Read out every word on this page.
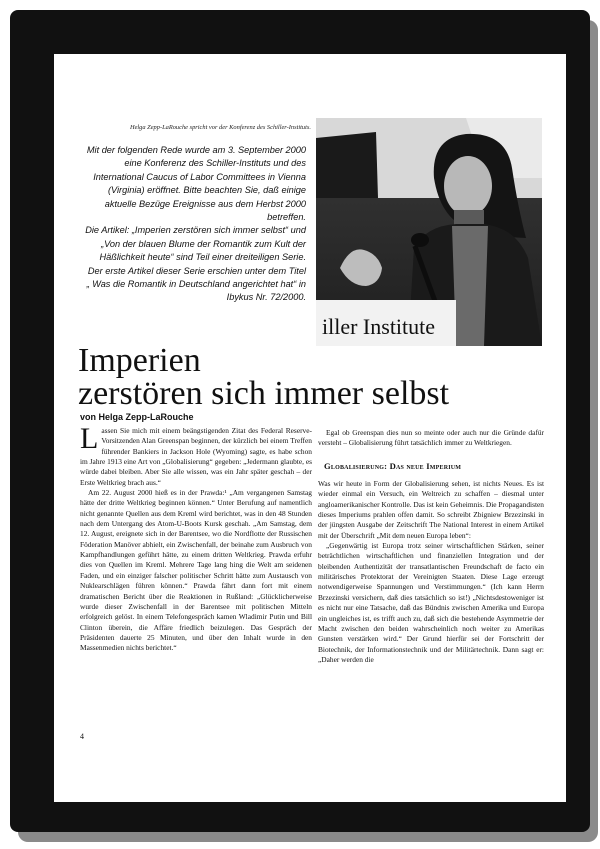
Helga Zepp-LaRouche spricht vor der Konferenz des Schiller-Instituts.

Mit der folgenden Rede wurde am 3. September 2000 eine Konferenz des Schiller-Instituts und des International Caucus of Labor Committees in Vienna (Virginia) eröffnet. Bitte beachten Sie, daß einige aktuelle Bezüge Ereignisse aus dem Herbst 2000 betreffen.

Die Artikel: „Imperien zerstören sich immer selbst“ und „Von der blauen Blume der Romantik zum Kult der Häßlichkeit heute“ sind Teil einer dreiteiligen Serie. Der erste Artikel dieser Serie erschien unter dem Titel „ Was die Romantik in Deutschland angerichtet hat“ in Ibykus Nr. 72/2000.

iller Institute
Imperien
zerstören sich immer selbst
von Helga Zepp-LaRouche

Lassen Sie mich mit einem beängstigenden Zitat des Federal Reserve-Vorsitzenden Alan Greenspan beginnen, der kürzlich bei einem Treffen führender Bankiers in Jackson Hole (Wyoming) sagte, es habe schon im Jahre 1913 eine Art von „Globalisierung“ gegeben: „Jedermann glaubte, es würde dabei bleiben. Aber Sie alle wissen, was ein Jahr später geschah – der Erste Weltkrieg brach aus.“

Am 22. August 2000 hieß es in der Prawda:¹ „Am vergangenen Samstag hätte der dritte Weltkrieg beginnen können.“ Unter Berufung auf namentlich nicht genannte Quellen aus dem Kreml wird berichtet, was in den 48 Stunden nach dem Untergang des Atom-U-Boots Kursk geschah. „Am Samstag, dem 12. August, ereignete sich in der Barentsee, wo die Nordflotte der Russischen Föderation Manöver abhielt, ein Zwischenfall, der beinahe zum Ausbruch von Kampfhandlungen geführt hätte, zu einem dritten Weltkrieg. Prawda erfuhr dies von Quellen im Kreml. Mehrere Tage lang hing die Welt am seidenen Faden, und ein einziger falscher politischer Schritt hätte zum Austausch von Nuklearschlägen führen können.“ Prawda fährt dann fort mit einem dramatischen Bericht über die Reaktionen in Rußland: „Glücklicherweise wurde dieser Zwischenfall in der Barentsee mit politischen Mitteln erfolgreich gelöst. In einem Telefongespräch kamen Wladimir Putin und Bill Clinton überein, die Affäre friedlich beizulegen. Das Gespräch der Präsidenten dauerte 25 Minuten, und über den Inhalt wurde in den Massenmedien nichts berichtet.“

Egal ob Greenspan dies nun so meinte oder auch nur die Gründe dafür versteht – Globalisierung führt tatsächlich immer zu Weltkriegen.

Globalisierung: Das neue Imperium

Was wir heute in Form der Globalisierung sehen, ist nichts Neues. Es ist wieder einmal ein Versuch, ein Weltreich zu schaffen – diesmal unter angloamerikanischer Kontrolle. Das ist kein Geheimnis. Die Propagandisten dieses Imperiums prahlen offen damit. So schreibt Zbigniew Brzezinski in der jüngsten Ausgabe der Zeitschrift The National Interest in einem Artikel mit der Überschrift „Mit dem neuen Europa leben“:

„Gegenwärtig ist Europa trotz seiner wirtschaftlichen Stärken, seiner beträchtlichen wirtschaftlichen und finanziellen Integration und der bleibenden Authentizität der transatlantischen Freundschaft de facto ein militärisches Protektorat der Vereinigten Staaten. Diese Lage erzeugt notwendigerweise Spannungen und Verstimmungen.“ (Ich kann Herrn Brzezinski versichern, daß dies tatsächlich so ist!) „Nichtsdestoweniger ist es nicht nur eine Tatsache, daß das Bündnis zwischen Amerika und Europa ein ungleiches ist, es trifft auch zu, daß sich die bestehende Asymmetrie der Macht zwischen den beiden wahrscheinlich noch weiter zu Amerikas Gunsten verstärken wird.“ Der Grund hierfür sei der Fortschritt der Biotechnik, der Informationstechnik und der Militärtechnik. Dann sagt er: „Daher werden die

4
